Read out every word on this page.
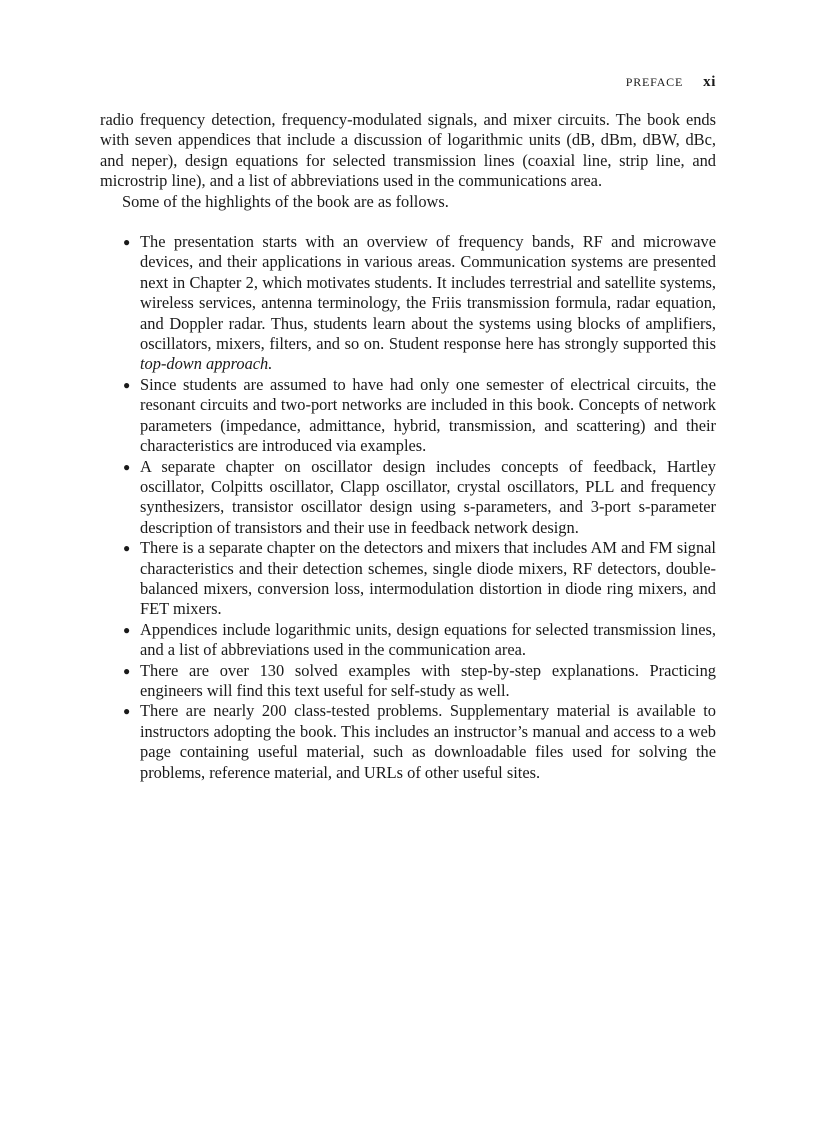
PREFACE xi

radio frequency detection, frequency-modulated signals, and mixer circuits. The book ends with seven appendices that include a discussion of logarithmic units (dB, dBm, dBW, dBc, and neper), design equations for selected transmission lines (coaxial line, strip line, and microstrip line), and a list of abbreviations used in the communications area.

Some of the highlights of the book are as follows.

● The presentation starts with an overview of frequency bands, RF and microwave devices, and their applications in various areas. Communication systems are presented next in Chapter 2, which motivates students. It includes terrestrial and satellite systems, wireless services, antenna terminology, the Friis transmission formula, radar equation, and Doppler radar. Thus, students learn about the systems using blocks of amplifiers, oscillators, mixers, filters, and so on. Student response here has strongly supported this top-down approach.
● Since students are assumed to have had only one semester of electrical circuits, the resonant circuits and two-port networks are included in this book. Concepts of network parameters (impedance, admittance, hybrid, transmission, and scattering) and their characteristics are introduced via examples.
● A separate chapter on oscillator design includes concepts of feedback, Hartley oscillator, Colpitts oscillator, Clapp oscillator, crystal oscillators, PLL and frequency synthesizers, transistor oscillator design using s-parameters, and 3-port s-parameter description of transistors and their use in feedback network design.
● There is a separate chapter on the detectors and mixers that includes AM and FM signal characteristics and their detection schemes, single diode mixers, RF detectors, double-balanced mixers, conversion loss, intermodulation distortion in diode ring mixers, and FET mixers.
● Appendices include logarithmic units, design equations for selected transmission lines, and a list of abbreviations used in the communication area.
● There are over 130 solved examples with step-by-step explanations. Practicing engineers will find this text useful for self-study as well.
● There are nearly 200 class-tested problems. Supplementary material is available to instructors adopting the book. This includes an instructor’s manual and access to a web page containing useful material, such as downloadable files used for solving the problems, reference material, and URLs of other useful sites.
